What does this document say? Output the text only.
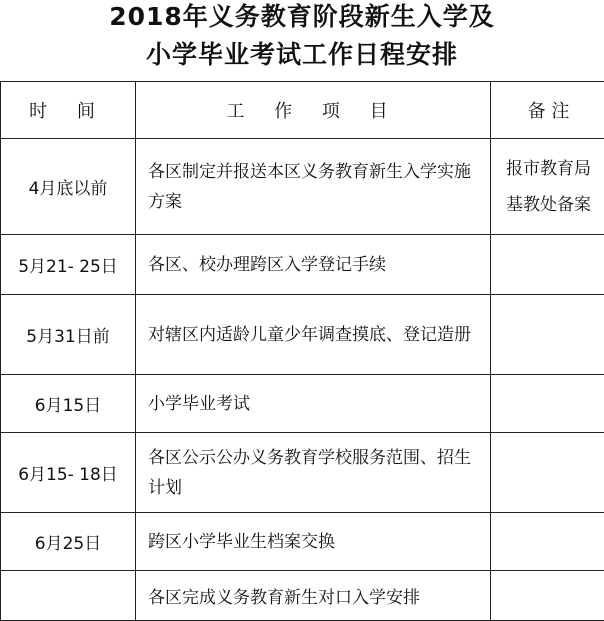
2018年义务教育阶段新生入学及
小学毕业考试工作日程安排
时 间	工 作 项 目	备 注
4月底以前	各区制定并报送本区义务教育新生入学实施方案	报市教育局
基教处备案

5月21- 25日	各区、校办理跨区入学登记手续	
5月31日前	对辖区内适龄儿童少年调查摸底、登记造册	
6月15日	小学毕业考试	
6月15- 18日	各区公示公办义务教育学校服务范围、招生计划	
6月25日	跨区小学毕业生档案交换	
	各区完成义务教育新生对口入学安排	
